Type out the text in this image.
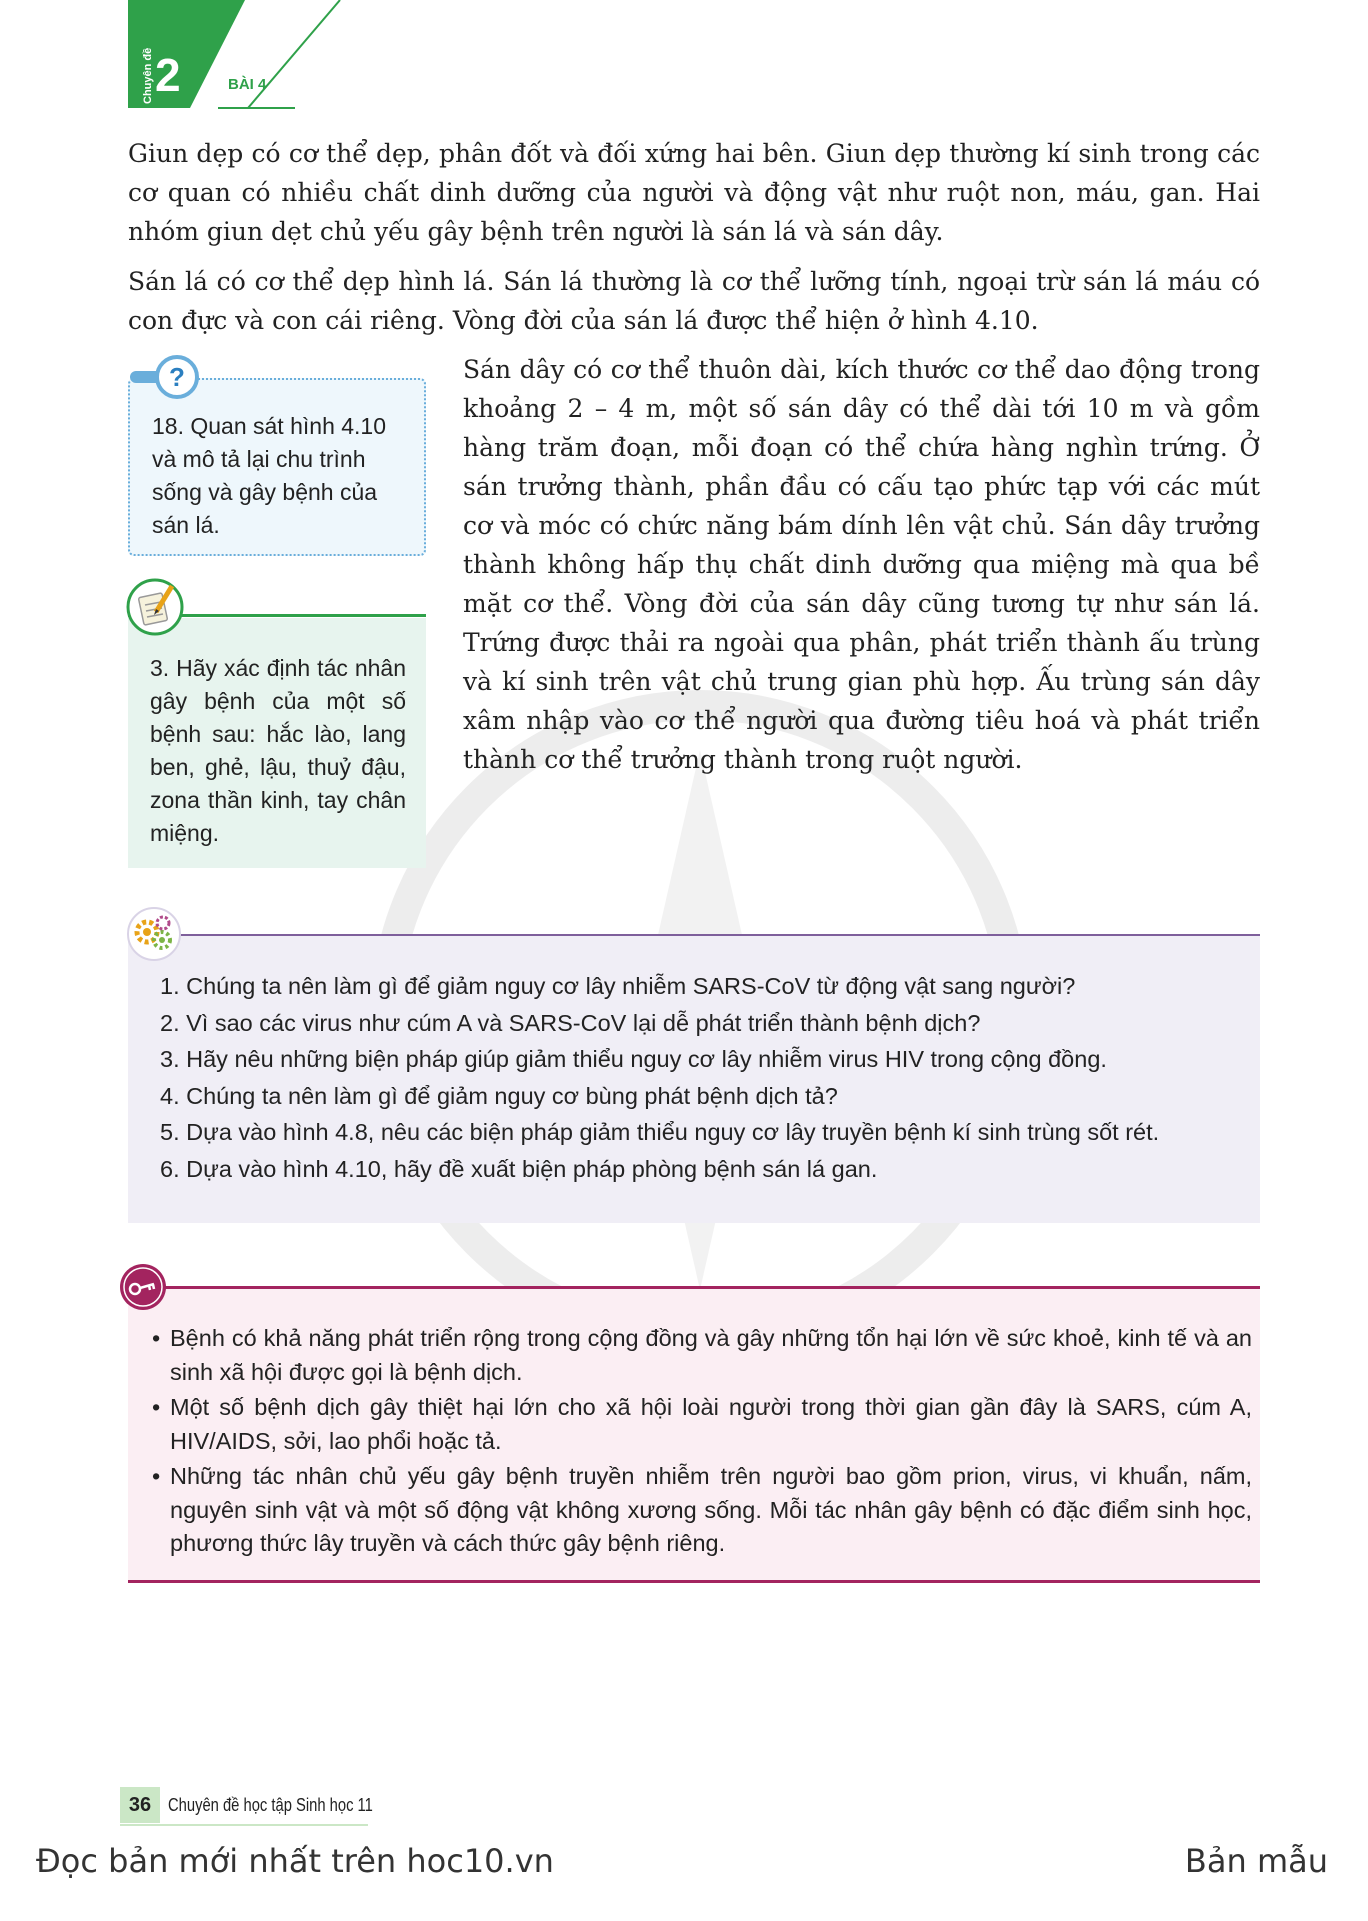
Chuyên đề 2	BÀI 4
Giun dẹp có cơ thể dẹp, phân đốt và đối xứng hai bên. Giun dẹp thường kí sinh trong các cơ quan có nhiều chất dinh dưỡng của người và động vật như ruột non, máu, gan. Hai nhóm giun dẹt chủ yếu gây bệnh trên người là sán lá và sán dây.
Sán lá có cơ thể dẹp hình lá. Sán lá thường là cơ thể lưỡng tính, ngoại trừ sán lá máu có con đực và con cái riêng. Vòng đời của sán lá được thể hiện ở hình 4.10.
Sán dây có cơ thể thuôn dài, kích thước cơ thể dao động trong khoảng 2 – 4 m, một số sán dây có thể dài tới 10 m và gồm hàng trăm đoạn, mỗi đoạn có thể chứa hàng nghìn trứng. Ở sán trưởng thành, phần đầu có cấu tạo phức tạp với các mút cơ và móc có chức năng bám dính lên vật chủ. Sán dây trưởng thành không hấp thụ chất dinh dưỡng qua miệng mà qua bề mặt cơ thể. Vòng đời của sán dây cũng tương tự như sán lá. Trứng được thải ra ngoài qua phân, phát triển thành ấu trùng và kí sinh trên vật chủ trung gian phù hợp. Ấu trùng sán dây xâm nhập vào cơ thể người qua đường tiêu hoá và phát triển thành cơ thể trưởng thành trong ruột người.
18. Quan sát hình 4.10 và mô tả lại chu trình sống và gây bệnh của sán lá.
?
3. Hãy xác định tác nhân gây bệnh của một số bệnh sau: hắc lào, lang ben, ghẻ, lậu, thuỷ đậu, zona thần kinh, tay chân miệng.
1. Chúng ta nên làm gì để giảm nguy cơ lây nhiễm SARS-CoV từ động vật sang người?
2. Vì sao các virus như cúm A và SARS-CoV lại dễ phát triển thành bệnh dịch?
3. Hãy nêu những biện pháp giúp giảm thiểu nguy cơ lây nhiễm virus HIV trong cộng đồng.
4. Chúng ta nên làm gì để giảm nguy cơ bùng phát bệnh dịch tả?
5. Dựa vào hình 4.8, nêu các biện pháp giảm thiểu nguy cơ lây truyền bệnh kí sinh trùng sốt rét.
6. Dựa vào hình 4.10, hãy đề xuất biện pháp phòng bệnh sán lá gan.
• Bệnh có khả năng phát triển rộng trong cộng đồng và gây những tổn hại lớn về sức khoẻ, kinh tế và an sinh xã hội được gọi là bệnh dịch.
• Một số bệnh dịch gây thiệt hại lớn cho xã hội loài người trong thời gian gần đây là SARS, cúm A, HIV/AIDS, sởi, lao phổi hoặc tả.
• Những tác nhân chủ yếu gây bệnh truyền nhiễm trên người bao gồm prion, virus, vi khuẩn, nấm, nguyên sinh vật và một số động vật không xương sống. Mỗi tác nhân gây bệnh có đặc điểm sinh học, phương thức lây truyền và cách thức gây bệnh riêng.
36 Chuyên đề học tập Sinh học 11
Đọc bản mới nhất trên hoc10.vn	Bản mẫu
